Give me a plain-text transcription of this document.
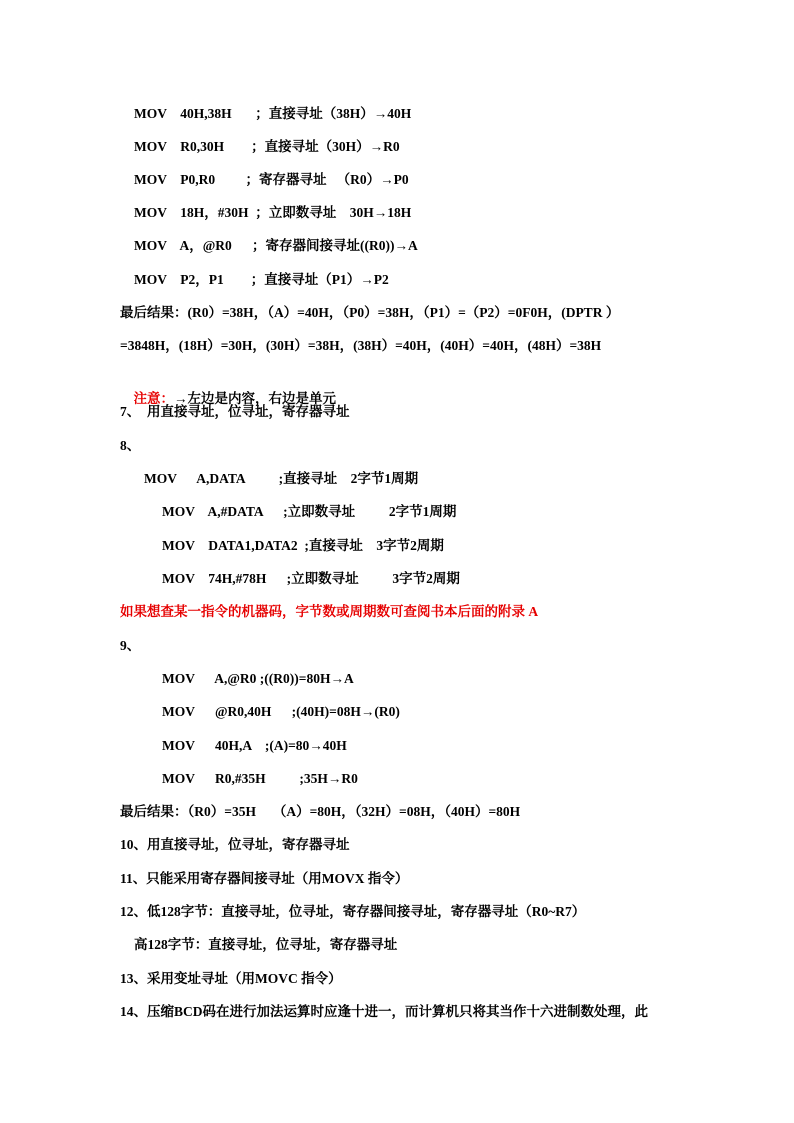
MOV    40H,38H       ；直接寻址（38H）→40H
MOV    R0,30H        ；直接寻址（30H）→R0
MOV    P0,R0         ；寄存器寻址   （R0）→P0
MOV    18H，#30H  ；立即数寻址    30H→18H
MOV    A，@R0      ；寄存器间接寻址((R0))→A
MOV    P2，P1        ；直接寻址（P1）→P2
最后结果：(R0）=38H，（A）=40H，（P0）=38H，（P1）=（P2）=0F0H，(DPTR ）
=3848H，(18H）=30H，(30H）=38H，(38H）=40H，(40H）=40H，(48H）=38H

注意：→左边是内容，右边是单元

7、  用直接寻址，位寻址，寄存器寻址
8、
MOV      A,DATA          ;直接寻址    2字节1周期
MOV    A,#DATA      ;立即数寻址          2字节1周期
MOV    DATA1,DATA2  ;直接寻址    3字节2周期
MOV    74H,#78H      ;立即数寻址          3字节2周期
如果想查某一指令的机器码，字节数或周期数可查阅书本后面的附录 A
9、
MOV      A,@R0 ;((R0))=80H→A
MOV      @R0,40H      ;(40H)=08H→(R0)
MOV      40H,A    ;(A)=80→40H
MOV      R0,#35H          ;35H→R0
最后结果：（R0）=35H     （A）=80H，（32H）=08H，（40H）=80H
10、用直接寻址，位寻址，寄存器寻址
11、只能采用寄存器间接寻址（用MOVX 指令）
12、低128字节：直接寻址，位寻址，寄存器间接寻址，寄存器寻址（R0~R7）
高128字节：直接寻址，位寻址，寄存器寻址
13、采用变址寻址（用MOVC 指令）
14、压缩BCD码在进行加法运算时应逢十进一，而计算机只将其当作十六进制数处理，此
